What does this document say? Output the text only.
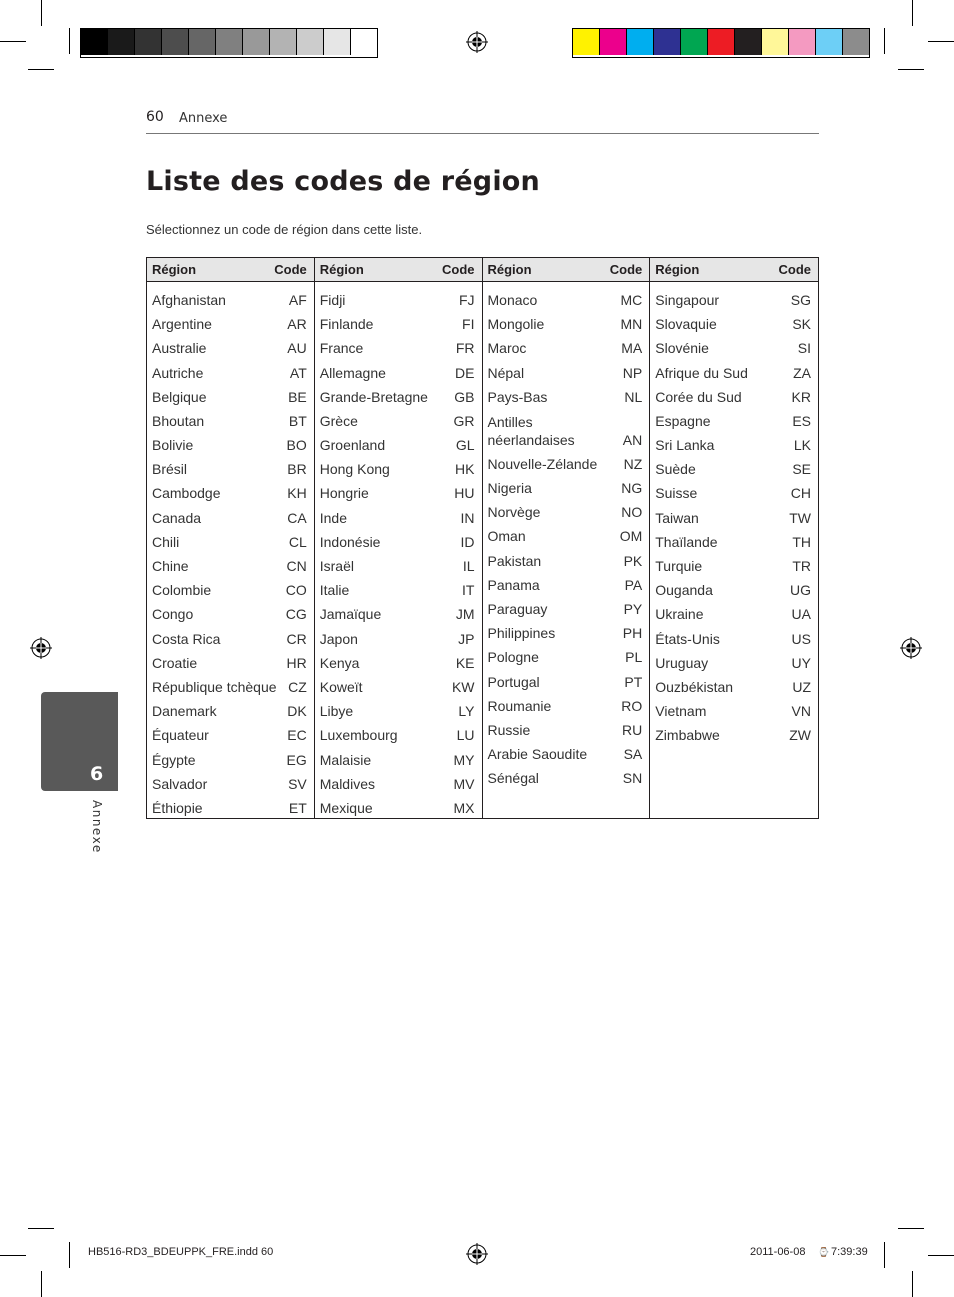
60 Annexe
Liste des codes de région
Sélectionnez un code de région dans cette liste.
Région	Code
Afghanistan	AF
Argentine	AR
Australie	AU
Autriche	AT
Belgique	BE
Bhoutan	BT
Bolivie	BO
Brésil	BR
Cambodge	KH
Canada	CA
Chili	CL
Chine	CN
Colombie	CO
Congo	CG
Costa Rica	CR
Croatie	HR
République tchèque CZ
Danemark	DK
Équateur	EC
Égypte	EG
Salvador	SV
Éthiopie	ET
Région	Code
Fidji	FJ
Finlande	FI
France	FR
Allemagne	DE
Grande-Bretagne GB
Grèce	GR
Groenland	GL
Hong Kong	HK
Hongrie	HU
Inde	IN
Indonésie	ID
Israël	IL
Italie	IT
Jamaïque	JM
Japon	JP
Kenya	KE
Koweït	KW
Libye	LY
Luxembourg	LU
Malaisie	MY
Maldives	MV
Mexique	MX
Région	Code
Monaco	MC
Mongolie	MN
Maroc	MA
Népal	NP
Pays-Bas	NL
Antilles
néerlandaises	AN
Nouvelle-Zélande NZ
Nigeria	NG
Norvège	NO
Oman	OM
Pakistan	PK
Panama	PA
Paraguay	PY
Philippines	PH
Pologne	PL
Portugal	PT
Roumanie	RO
Russie	RU
Arabie Saoudite	SA
Sénégal	SN
Région	Code
Singapour	SG
Slovaquie	SK
Slovénie	SI
Afrique du Sud	ZA
Corée du Sud	KR
Espagne	ES
Sri Lanka	LK
Suède	SE
Suisse	CH
Taiwan	TW
Thaïlande	TH
Turquie	TR
Ouganda	UG
Ukraine	UA
États-Unis	US
Uruguay	UY
Ouzbékistan	UZ
Vietnam	VN
Zimbabwe	ZW
6
Annexe
HB516-RD3_BDEUPPK_FRE.indd 60	2011-06-08 ⌚ 7:39:39
